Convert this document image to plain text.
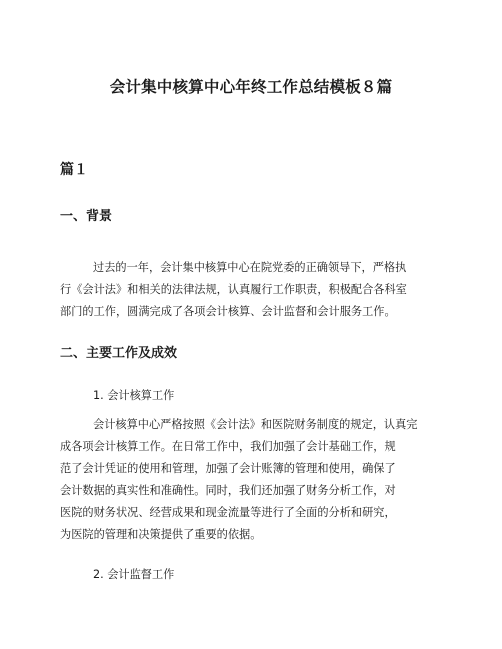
会计集中核算中心年终工作总结模板８篇
篇１
一、背景
过去的一年，会计集中核算中心在院党委的正确领导下，严格执
行《会计法》和相关的法律法规，认真履行工作职责，积极配合各科室
部门的工作，圆满完成了各项会计核算、会计监督和会计服务工作。
二、主要工作及成效
1. 会计核算工作
会计核算中心严格按照《会计法》和医院财务制度的规定，认真完
成各项会计核算工作。在日常工作中，我们加强了会计基础工作，规
范了会计凭证的使用和管理，加强了会计账簿的管理和使用，确保了
会计数据的真实性和准确性。同时，我们还加强了财务分析工作，对
医院的财务状况、经营成果和现金流量等进行了全面的分析和研究，
为医院的管理和决策提供了重要的依据。
2. 会计监督工作
